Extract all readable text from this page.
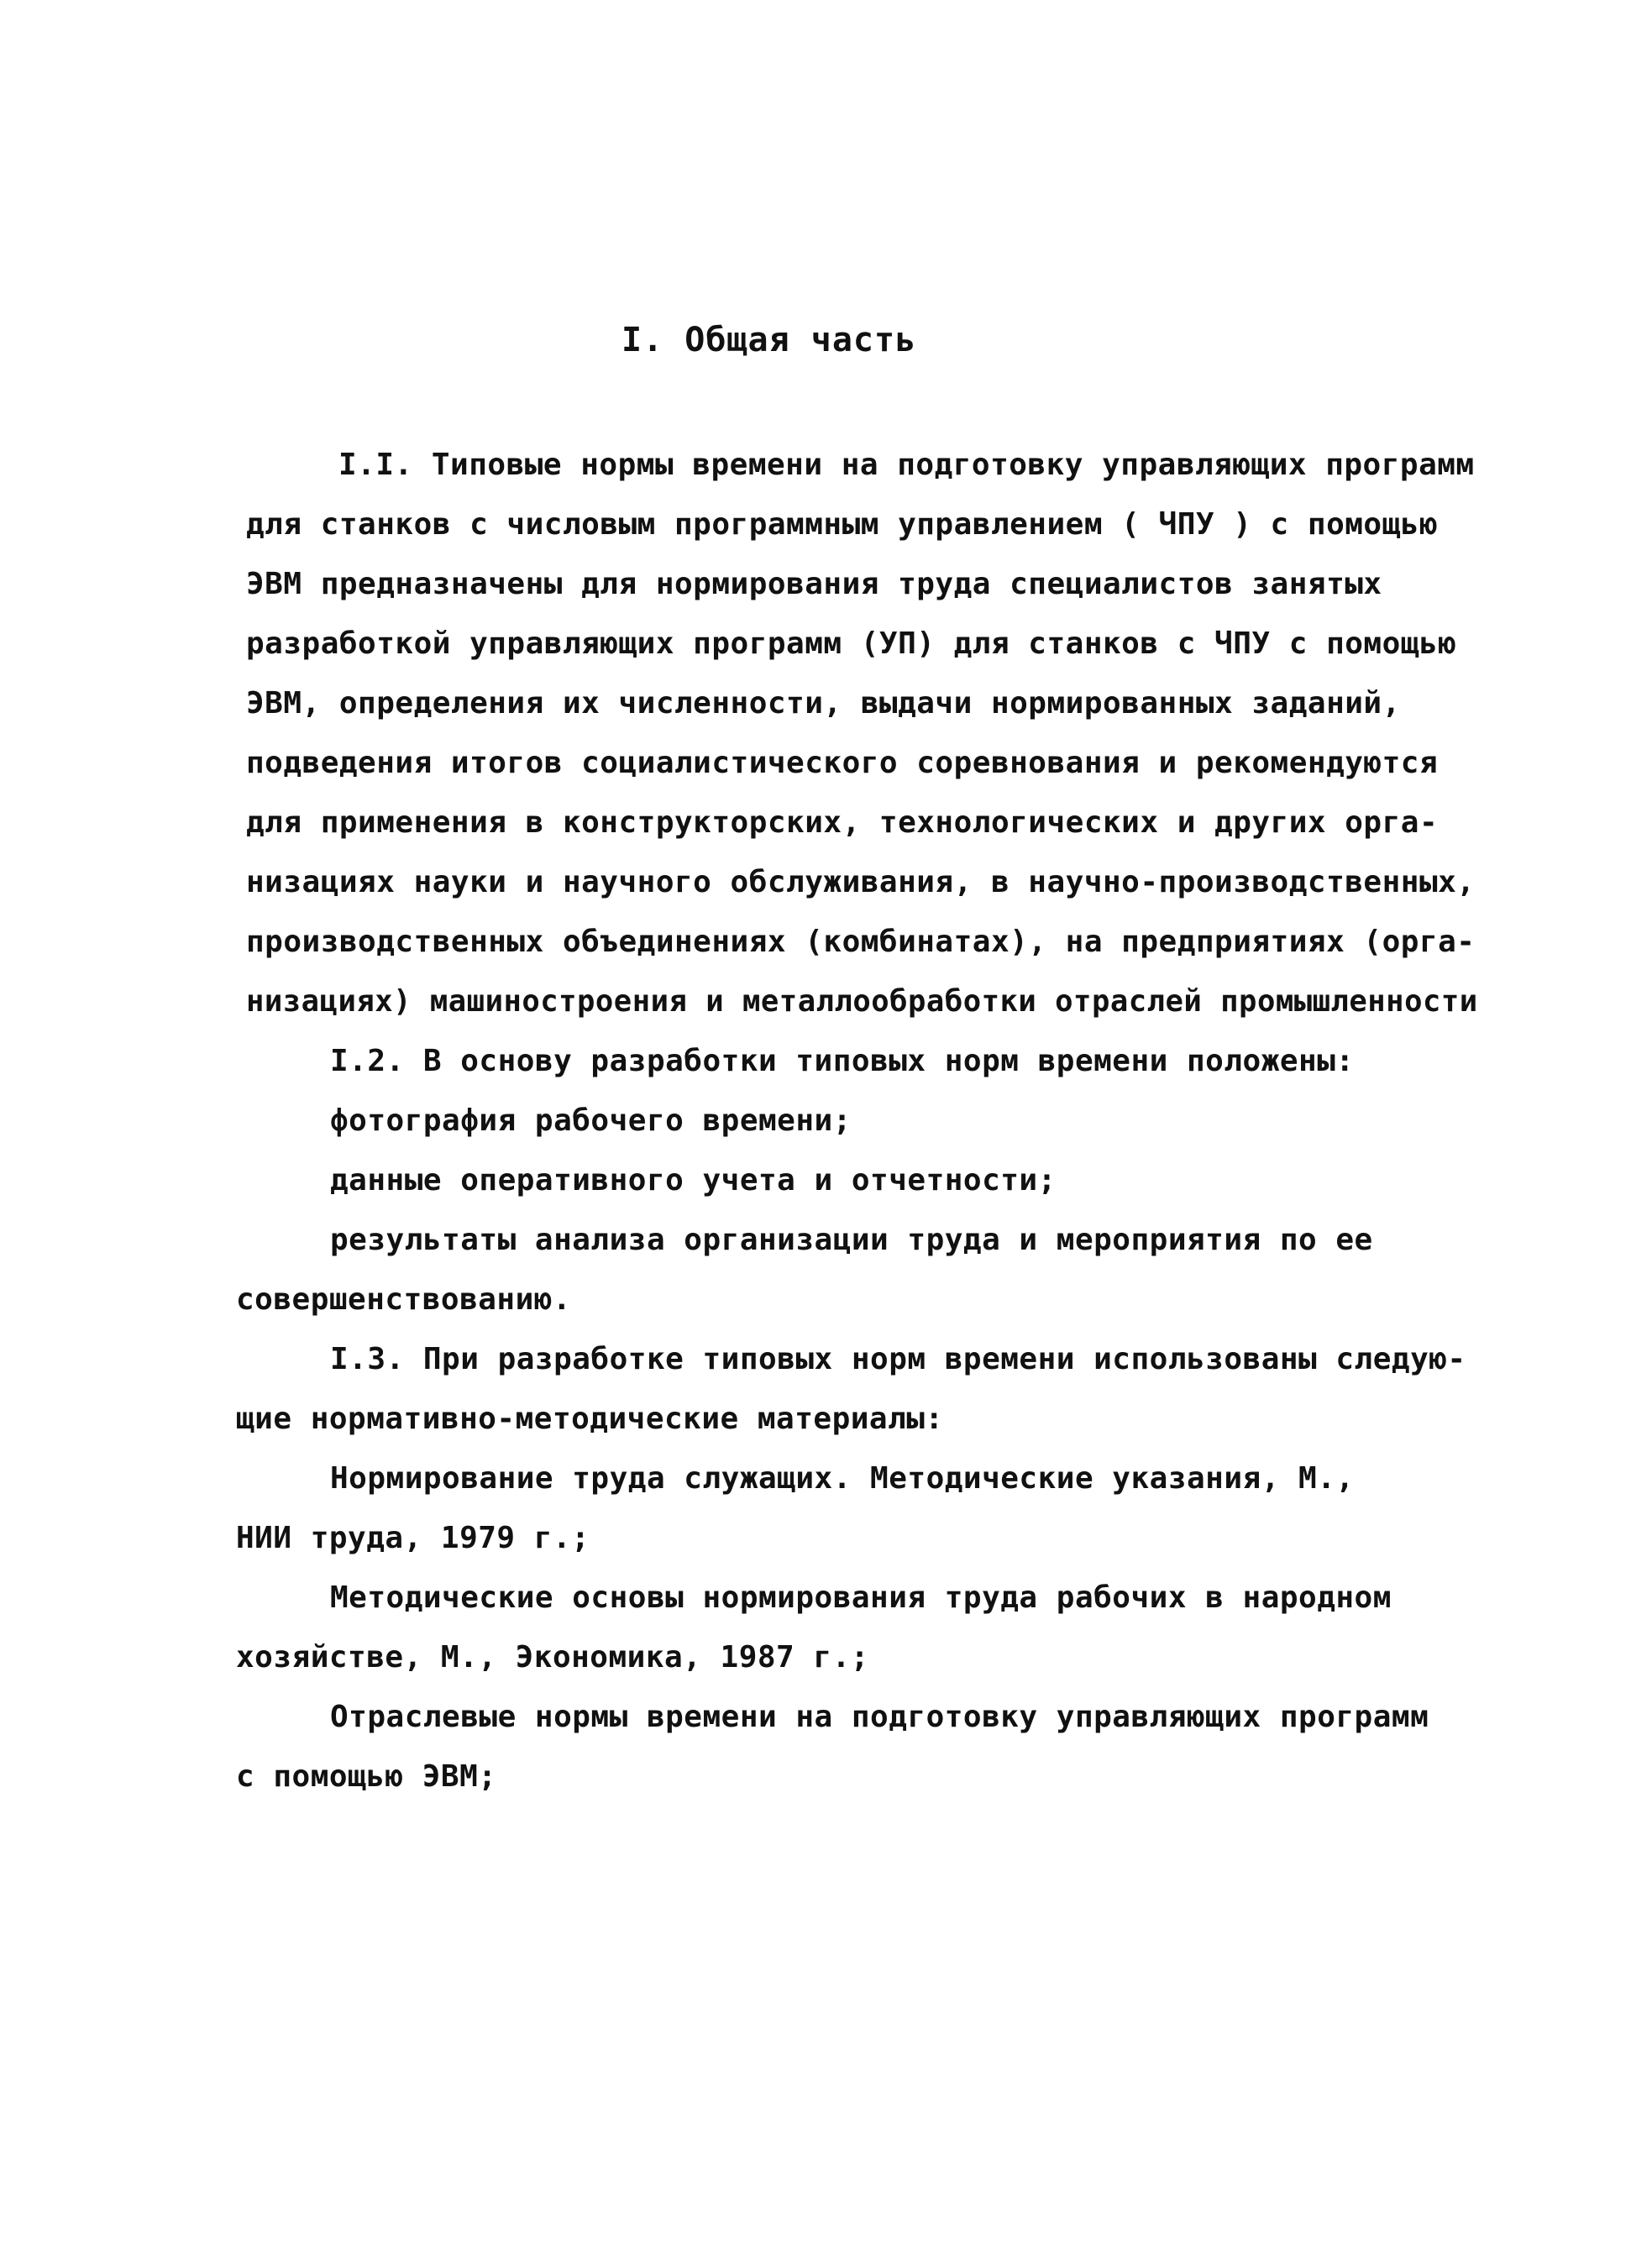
I. Общая часть
I.I. Типовые нормы времени на подготовку управляющих программ
для станков с числовым программным управлением ( ЧПУ ) с помощью
ЭВМ предназначены для нормирования труда специалистов занятых
разработкой управляющих программ (УП) для станков с ЧПУ с помощью
ЭВМ, определения их численности, выдачи нормированных заданий,
подведения итогов социалистического соревнования и рекомендуются
для применения в конструкторских, технологических и других орга-
низациях науки и научного обслуживания, в научно-производственных,
производственных объединениях (комбинатах), на предприятиях (орга-
низациях) машиностроения и металлообработки отраслей промышленности
I.2. В основу разработки типовых норм времени положены:
фотография рабочего времени;
данные оперативного учета и отчетности;
результаты анализа организации труда и мероприятия по ее
совершенствованию.
I.3. При разработке типовых норм времени использованы следую-
щие нормативно-методические материалы:
Нормирование труда служащих. Методические указания, М.,
НИИ труда, 1979 г.;
Методические основы нормирования труда рабочих в народном
хозяйстве, М., Экономика, 1987 г.;
Отраслевые нормы времени на подготовку управляющих программ
с помощью ЭВМ;
